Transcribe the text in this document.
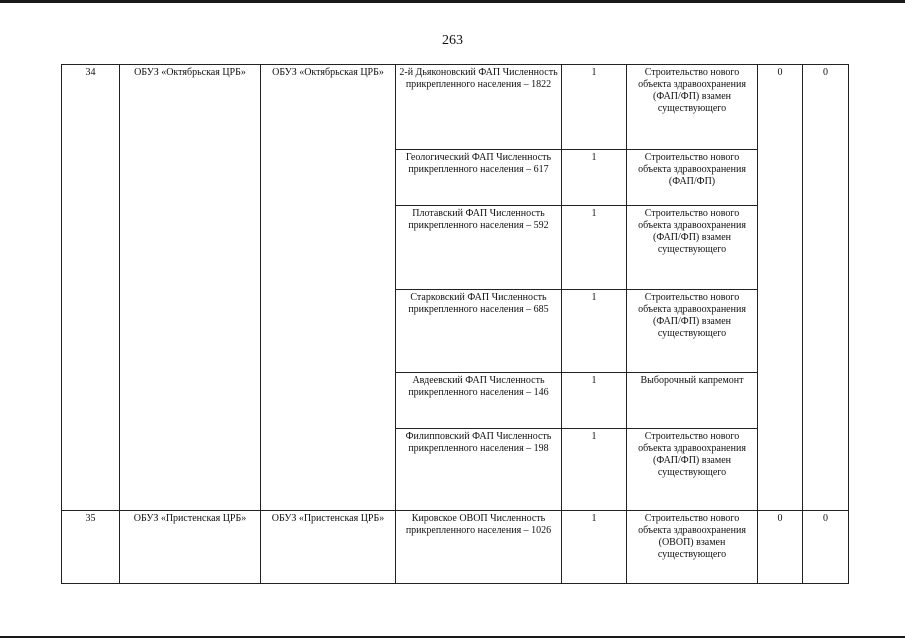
263
34	ОБУЗ «Октябрьская ЦРБ»	ОБУЗ «Октябрьская ЦРБ»	2-й Дьяконовский ФАП Численность прикрепленного населения – 1822	1	Строительство нового объекта здравоохранения (ФАП/ФП) взамен существующего	0	0
			Геологический ФАП Численность прикрепленного населения – 617	1	Строительство нового объекта здравоохранения (ФАП/ФП)		
			Плотавский ФАП Численность прикрепленного населения – 592	1	Строительство нового объекта здравоохранения (ФАП/ФП) взамен существующего		
			Старковский ФАП Численность прикрепленного населения – 685	1	Строительство нового объекта здравоохранения (ФАП/ФП) взамен существующего		
			Авдеевский ФАП Численность прикрепленного населения – 146	1	Выборочный капремонт		
			Филипповский ФАП Численность прикрепленного населения – 198	1	Строительство нового объекта здравоохранения (ФАП/ФП) взамен существующего		
35	ОБУЗ «Пристенская ЦРБ»	ОБУЗ «Пристенская ЦРБ»	Кировское ОВОП Численность прикрепленного населения – 1026	1	Строительство нового объекта здравоохранения (ОВОП) взамен существующего	0	0
